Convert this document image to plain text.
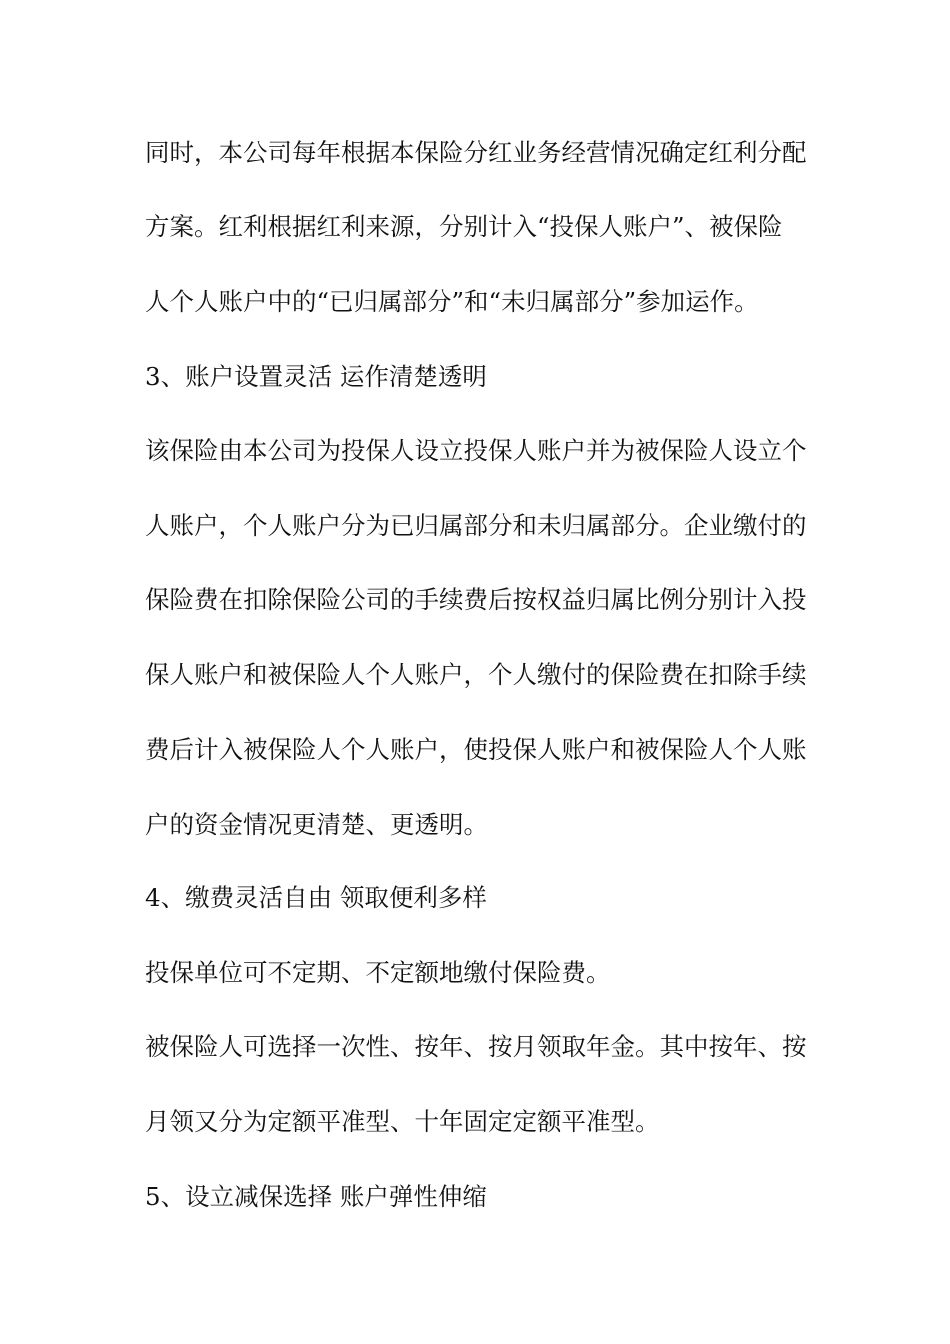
同时，本公司每年根据本保险分红业务经营情况确定红利分配

方案。红利根据红利来源，分别计入“投保人账户”、被保险

人个人账户中的“已归属部分”和“未归属部分”参加运作。

3、账户设置灵活 运作清楚透明

该保险由本公司为投保人设立投保人账户并为被保险人设立个

人账户，个人账户分为已归属部分和未归属部分。企业缴付的

保险费在扣除保险公司的手续费后按权益归属比例分别计入投

保人账户和被保险人个人账户，个人缴付的保险费在扣除手续

费后计入被保险人个人账户，使投保人账户和被保险人个人账

户的资金情况更清楚、更透明。

4、缴费灵活自由 领取便利多样

投保单位可不定期、不定额地缴付保险费。

被保险人可选择一次性、按年、按月领取年金。其中按年、按

月领又分为定额平准型、十年固定定额平准型。

5、设立减保选择 账户弹性伸缩
